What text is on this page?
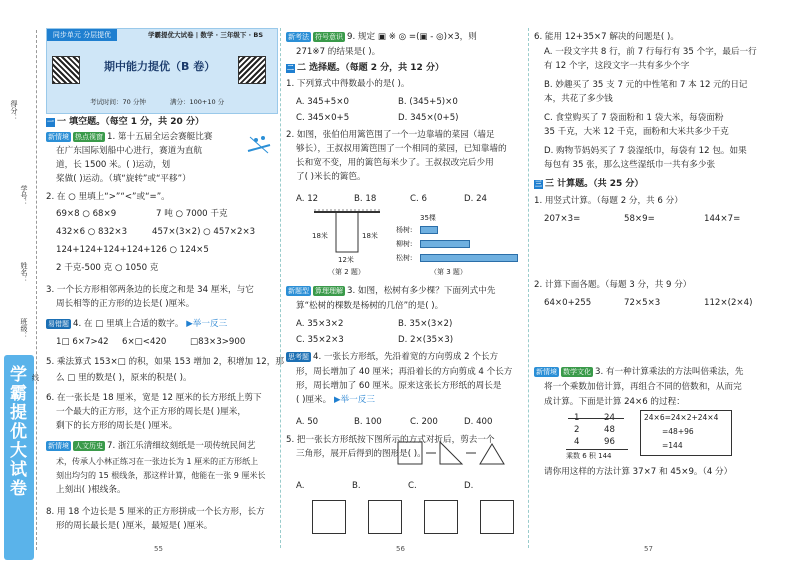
学霸提优大试卷
得分：
学号：
姓名：
班级：
线
同步单元 分层提优	学霸提优大试卷 | 数学 · 三年级下 · BS
期中能力提优（B 卷）
考试时间：70 分钟	满分：100+10 分
一 一 填空题。（每空 1 分，共 20 分）
新情境 热点视窗 1. 第十五届全运会赛艇比赛
在广东国际划船中心进行，赛道为直航
道，长 1500 米。( )运动，划
桨做( )运动。（填“旋转”或“平移”）
2. 在 ○ 里填上“>”“<”或“=”。
69×8 ○ 68×9	7 吨 ○ 7000 千克
432×6 ○ 832×3	457×(3×2) ○ 457×2×3
124+124+124+124+126 ○ 124×5
2 千克-500 克 ○ 1050 克
3. 一个长方形相邻两条边的长度之和是 34 厘米，与它
周长相等的正方形的边长是( )厘米。
易错题 4. 在 □ 里填上合适的数字。 ▶举一反三
1□ 6×7>42 6×□<420	□83×3>900
5. 乘法算式 153×□ 的积，如果 153 增加 2，积增加 12，那
么 □ 里的数是( )，原来的积是( )。
6. 在一张长是 18 厘米，宽是 12 厘米的长方形纸上剪下
一个最大的正方形，这个正方形的周长是( )厘米，
剩下的长方形的周长是( )厘米。
新情境 人文历史 7. 浙江乐清细纹刻纸是一项传统民间艺
术，传承人小林正练习在一张边长为 1 厘米的正方形纸上
刻出均匀的 15 根线条，那这样计算，他能在一张 9 厘米长
上刻出( )根线条。
8. 用 18 个边长是 5 厘米的正方形拼成一个长方形，长方
形的周长最长是( )厘米，最短是( )厘米。
55
新考法 符号意识 9. 规定 ▣ ※ ◎ =(▣ - ◎)×3，则
271※7 的结果是( )。
二 二 选择题。（每题 2 分，共 12 分）
1. 下列算式中得数最小的是( )。
A. 345+5×0	B. (345+5)×0
C. 345×0+5	D. 345×(0+5)
2. 如图，张伯伯用篱笆围了一个一边靠墙的菜园（墙足
够长），王叔叔用篱笆围了一个相同的菜园，已知靠墙的
长和宽不变，用的篱笆每米少了。王叔叔改完后少用
了( )米长的篱笆。
A. 12	B. 18	C. 6	D. 24
18米	18米
12米
（第 2 题）
35棵
杨树:
柳树:
松树:
（第 3 题）
新题型 算理理解 3. 如图，松树有多少棵？下面列式中先
算“松树的棵数是杨树的几倍”的是( )。
A. 35×3×2	B. 35×(3×2)
C. 35×2×3	D. 2×(35×3)
思考题 4. 一张长方形纸，先沿着宽的方向剪成 2 个长方
形，周长增加了 40 厘米；再沿着长的方向剪成 4 个长方
形，周长增加了 60 厘米。原来这张长方形纸的周长是
( )厘米。 ▶举一反三
A. 50	B. 100	C. 200	D. 400
5. 把一张长方形纸按下图所示的方式对折后，剪去一个
三角形，展开后得到的图形是( )。
A.	B.	C.	D.
56
6. 能用 12+35×7 解决的问题是( )。
A. 一段文字共 8 行，前 7 行每行有 35 个字，最后一行
有 12 个字，这段文字一共有多少个字
B. 妙趣买了 35 支 7 元的中性笔和 7 本 12 元的日记
本，共花了多少钱
C. 食堂购买了 7 袋面粉和 1 袋大米，每袋面粉
35 千克，大米 12 千克，面粉和大米共多少千克
D. 购物节妈妈买了 7 袋湿纸巾，每袋有 12 包。如果
每包有 35 张，那么这些湿纸巾一共有多少张
三 三 计算题。（共 25 分）
1. 用竖式计算。（每题 2 分，共 6 分）
207×3=	58×9=	144×7=
2. 计算下面各题。（每题 3 分，共 9 分）
64×0+255	72×5×3	112×(2×4)
新情境 数学文化 3. 有一种计算乘法的方法叫倍乘法，先
将一个乘数加倍计算，再组合不同的倍数和，从而完
成计算。下面是计算 24×6 的过程：
1	24
2	48
4	96
乘数 6 积 144
24×6=24×2+24×4
=48+96
=144
请你用这样的方法计算 37×7 和 45×9。（4 分）
57
